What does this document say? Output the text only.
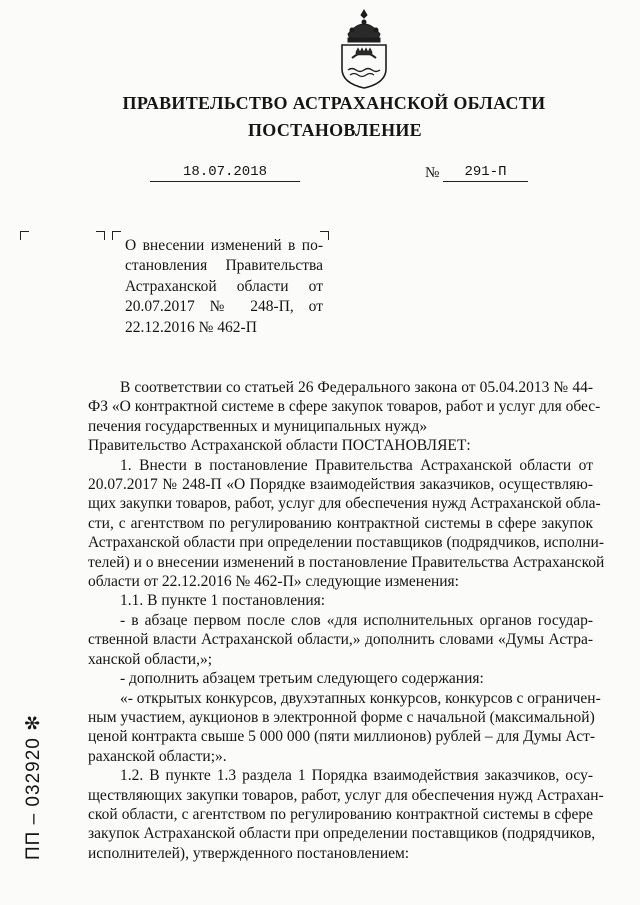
ПРАВИТЕЛЬСТВО АСТРАХАНСКОЙ ОБЛАСТИ
ПОСТАНОВЛЕНИЕ
18.07.2018	№	291-П
О внесении изменений в по-
становления Правительства
Астраханской области от
20.07.2017 № 248-П, от
22.12.2016 № 462-П
В соответствии со статьей 26 Федерального закона от 05.04.2013 № 44-
ФЗ «О контрактной системе в сфере закупок товаров, работ и услуг для обес-
печения государственных и муниципальных нужд»
Правительство Астраханской области ПОСТАНОВЛЯЕТ:
1. Внести в постановление Правительства Астраханской области от
20.07.2017 № 248-П «О Порядке взаимодействия заказчиков, осуществляю-
щих закупки товаров, работ, услуг для обеспечения нужд Астраханской обла-
сти, с агентством по регулированию контрактной системы в сфере закупок
Астраханской области при определении поставщиков (подрядчиков, исполни-
телей) и о внесении изменений в постановление Правительства Астраханской
области от 22.12.2016 № 462-П» следующие изменения:
1.1. В пункте 1 постановления:
- в абзаце первом после слов «для исполнительных органов государ-
ственной власти Астраханской области,» дополнить словами «Думы Астра-
ханской области,»;
- дополнить абзацем третьим следующего содержания:
«- открытых конкурсов, двухэтапных конкурсов, конкурсов с ограничен-
ным участием, аукционов в электронной форме с начальной (максимальной)
ценой контракта свыше 5 000 000 (пяти миллионов) рублей – для Думы Аст-
раханской области;».
1.2. В пункте 1.3 раздела 1 Порядка взаимодействия заказчиков, осу-
ществляющих закупки товаров, работ, услуг для обеспечения нужд Астрахан-
ской области, с агентством по регулированию контрактной системы в сфере
закупок Астраханской области при определении поставщиков (подрядчиков,
исполнителей), утвержденного постановлением:
ПП – 032920 ✻
